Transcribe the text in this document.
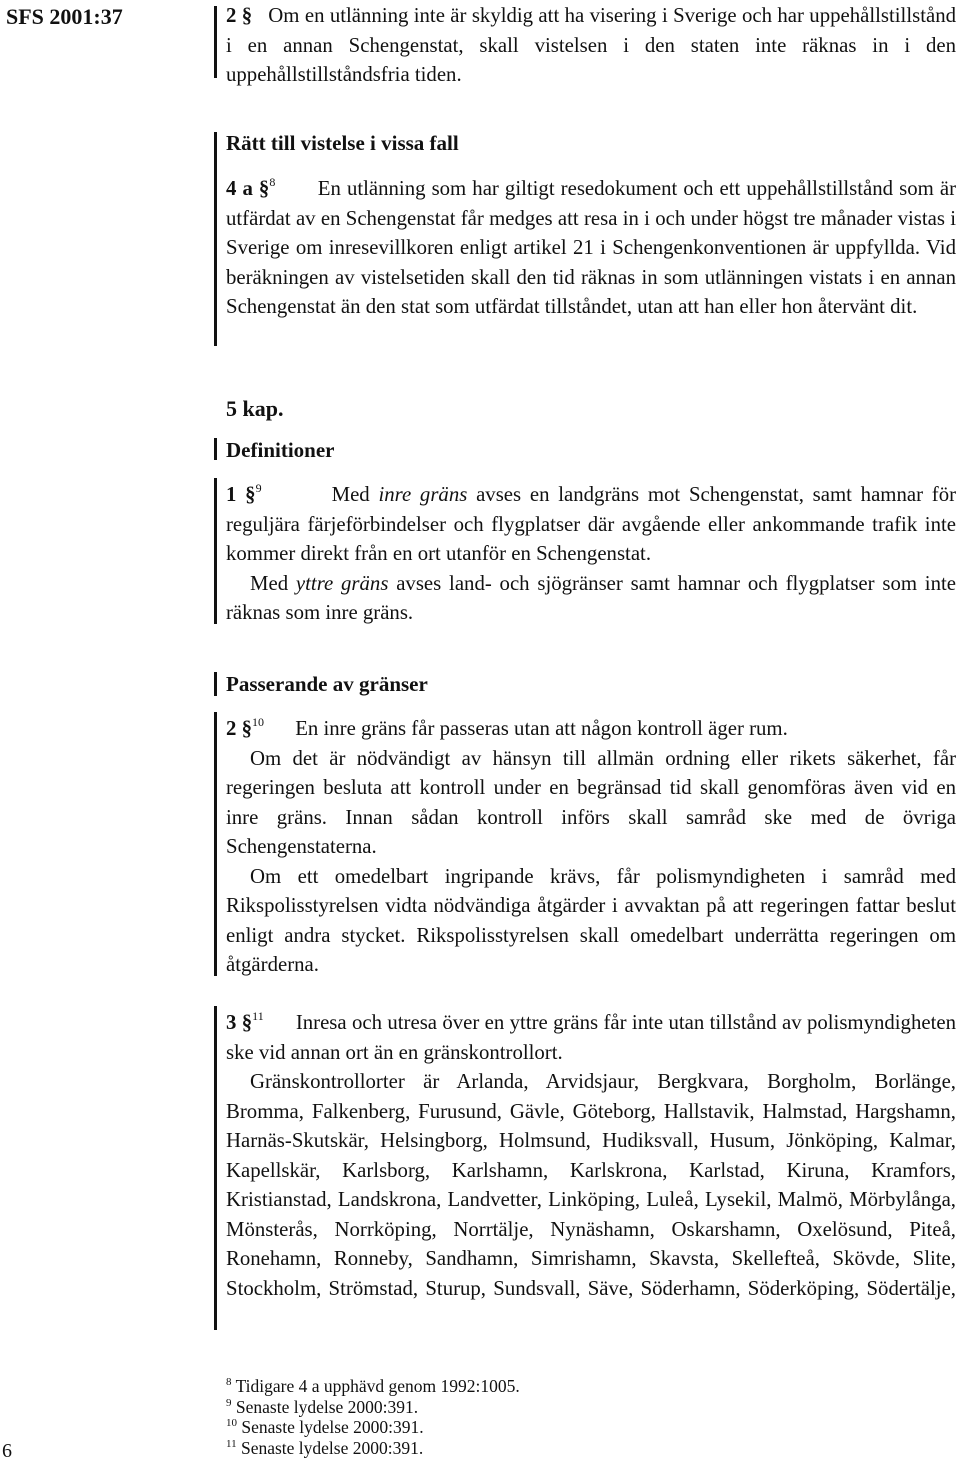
SFS 2001:37
6

2 § Om en utlänning inte är skyldig att ha visering i Sverige och har uppehållstillstånd i en annan Schengenstat, skall vistelsen i den staten inte räknas in i den uppehållstillståndsfria tiden.

Rätt till vistelse i vissa fall

4 a §$^8$ En utlänning som har giltigt resedokument och ett uppehållstillstånd som är utfärdat av en Schengenstat får medges att resa in i och under högst tre månader vistas i Sverige om inresevillkoren enligt artikel 21 i Schengenkonventionen är uppfyllda. Vid beräkningen av vistelsetiden skall den tid räknas in som utlänningen vistats i en annan Schengenstat än den stat som utfärdat tillståndet, utan att han eller hon återvänt dit.

5 kap.
Definitioner

1 §$^9$	Med inre gräns avses en landgräns mot Schengenstat, samt hamnar för reguljära färjeförbindelser och flygplatser där avgående eller ankommande trafik inte kommer direkt från en ort utanför en Schengenstat.

Med yttre gräns avses land- och sjögränser samt hamnar och flygplatser som inte räknas som inre gräns.

Passerande av gränser

2 §$^{10}$ En inre gräns får passeras utan att någon kontroll äger rum.

Om det är nödvändigt av hänsyn till allmän ordning eller rikets säkerhet, får regeringen besluta att kontroll under en begränsad tid skall genomföras även vid en inre gräns. Innan sådan kontroll införs skall samråd ske med de övriga Schengenstaterna.

Om ett omedelbart ingripande krävs, får polismyndigheten i samråd med Rikspolisstyrelsen vidta nödvändiga åtgärder i avvaktan på att regeringen fattar beslut enligt andra stycket. Rikspolisstyrelsen skall omedelbart underrätta regeringen om åtgärderna.

3 §$^{11}$ Inresa och utresa över en yttre gräns får inte utan tillstånd av polismyndigheten ske vid annan ort än en gränskontrollort.

Gränskontrollorter är Arlanda, Arvidsjaur, Bergkvara, Borgholm, Borlänge, Bromma, Falkenberg, Furusund, Gävle, Göteborg, Hallstavik, Halmstad, Hargshamn, Harnäs-Skutskär, Helsingborg, Holmsund, Hudiksvall, Husum, Jönköping, Kalmar, Kapellskär, Karlsborg, Karlshamn, Karlskrona, Karlstad, Kiruna, Kramfors, Kristianstad, Landskrona, Landvetter, Linköping, Luleå, Lysekil, Malmö, Mörbylånga, Mönsterås, Norrköping, Norrtälje, Nynäshamn, Oskarshamn, Oxelösund, Piteå, Ronehamn, Ronneby, Sandhamn, Simrishamn, Skavsta, Skellefteå, Skövde, Slite, Stockholm, Strömstad, Sturup, Sundsvall, Säve, Söderhamn, Söderköping, Södertälje,

$^8$ Tidigare 4 a upphävd genom 1992:1005.
$^9$ Senaste lydelse 2000:391.
$^{10}$ Senaste lydelse 2000:391.
$^{11}$ Senaste lydelse 2000:391.
